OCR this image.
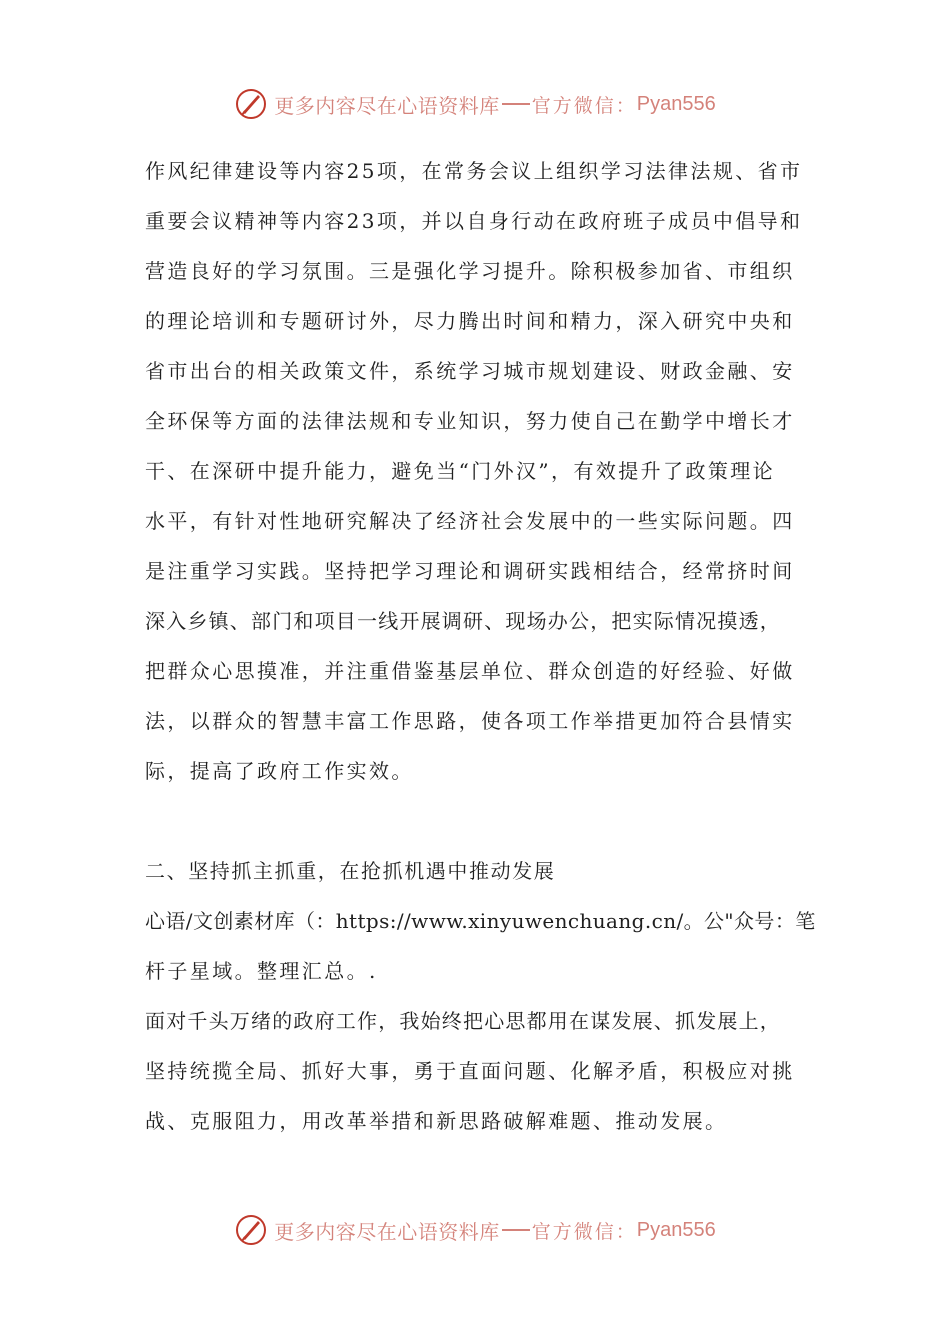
更多内容尽在心语资料库 官方微信： Pyan556
作风纪律建设等内容25项，在常务会议上组织学习法律法规、省市
重要会议精神等内容23项，并以自身行动在政府班子成员中倡导和
营造良好的学习氛围。三是强化学习提升。除积极参加省、市组织
的理论培训和专题研讨外，尽力腾出时间和精力，深入研究中央和
省市出台的相关政策文件，系统学习城市规划建设、财政金融、安
全环保等方面的法律法规和专业知识，努力使自己在勤学中增长才
干、在深研中提升能力，避免当“门外汉”，有效提升了政策理论
水平，有针对性地研究解决了经济社会发展中的一些实际问题。四
是注重学习实践。坚持把学习理论和调研实践相结合，经常挤时间
深入乡镇、部门和项目一线开展调研、现场办公，把实际情况摸透，
把群众心思摸准，并注重借鉴基层单位、群众创造的好经验、好做
法，以群众的智慧丰富工作思路，使各项工作举措更加符合县情实
际，提高了政府工作实效。
二、坚持抓主抓重，在抢抓机遇中推动发展
心语/文创素材库（：https://www.xinyuwenchuang.cn/。公"众号：笔
杆子星域。整理汇总。.
面对千头万绪的政府工作，我始终把心思都用在谋发展、抓发展上，
坚持统揽全局、抓好大事，勇于直面问题、化解矛盾，积极应对挑
战、克服阻力，用改革举措和新思路破解难题、推动发展。
更多内容尽在心语资料库 官方微信： Pyan556
